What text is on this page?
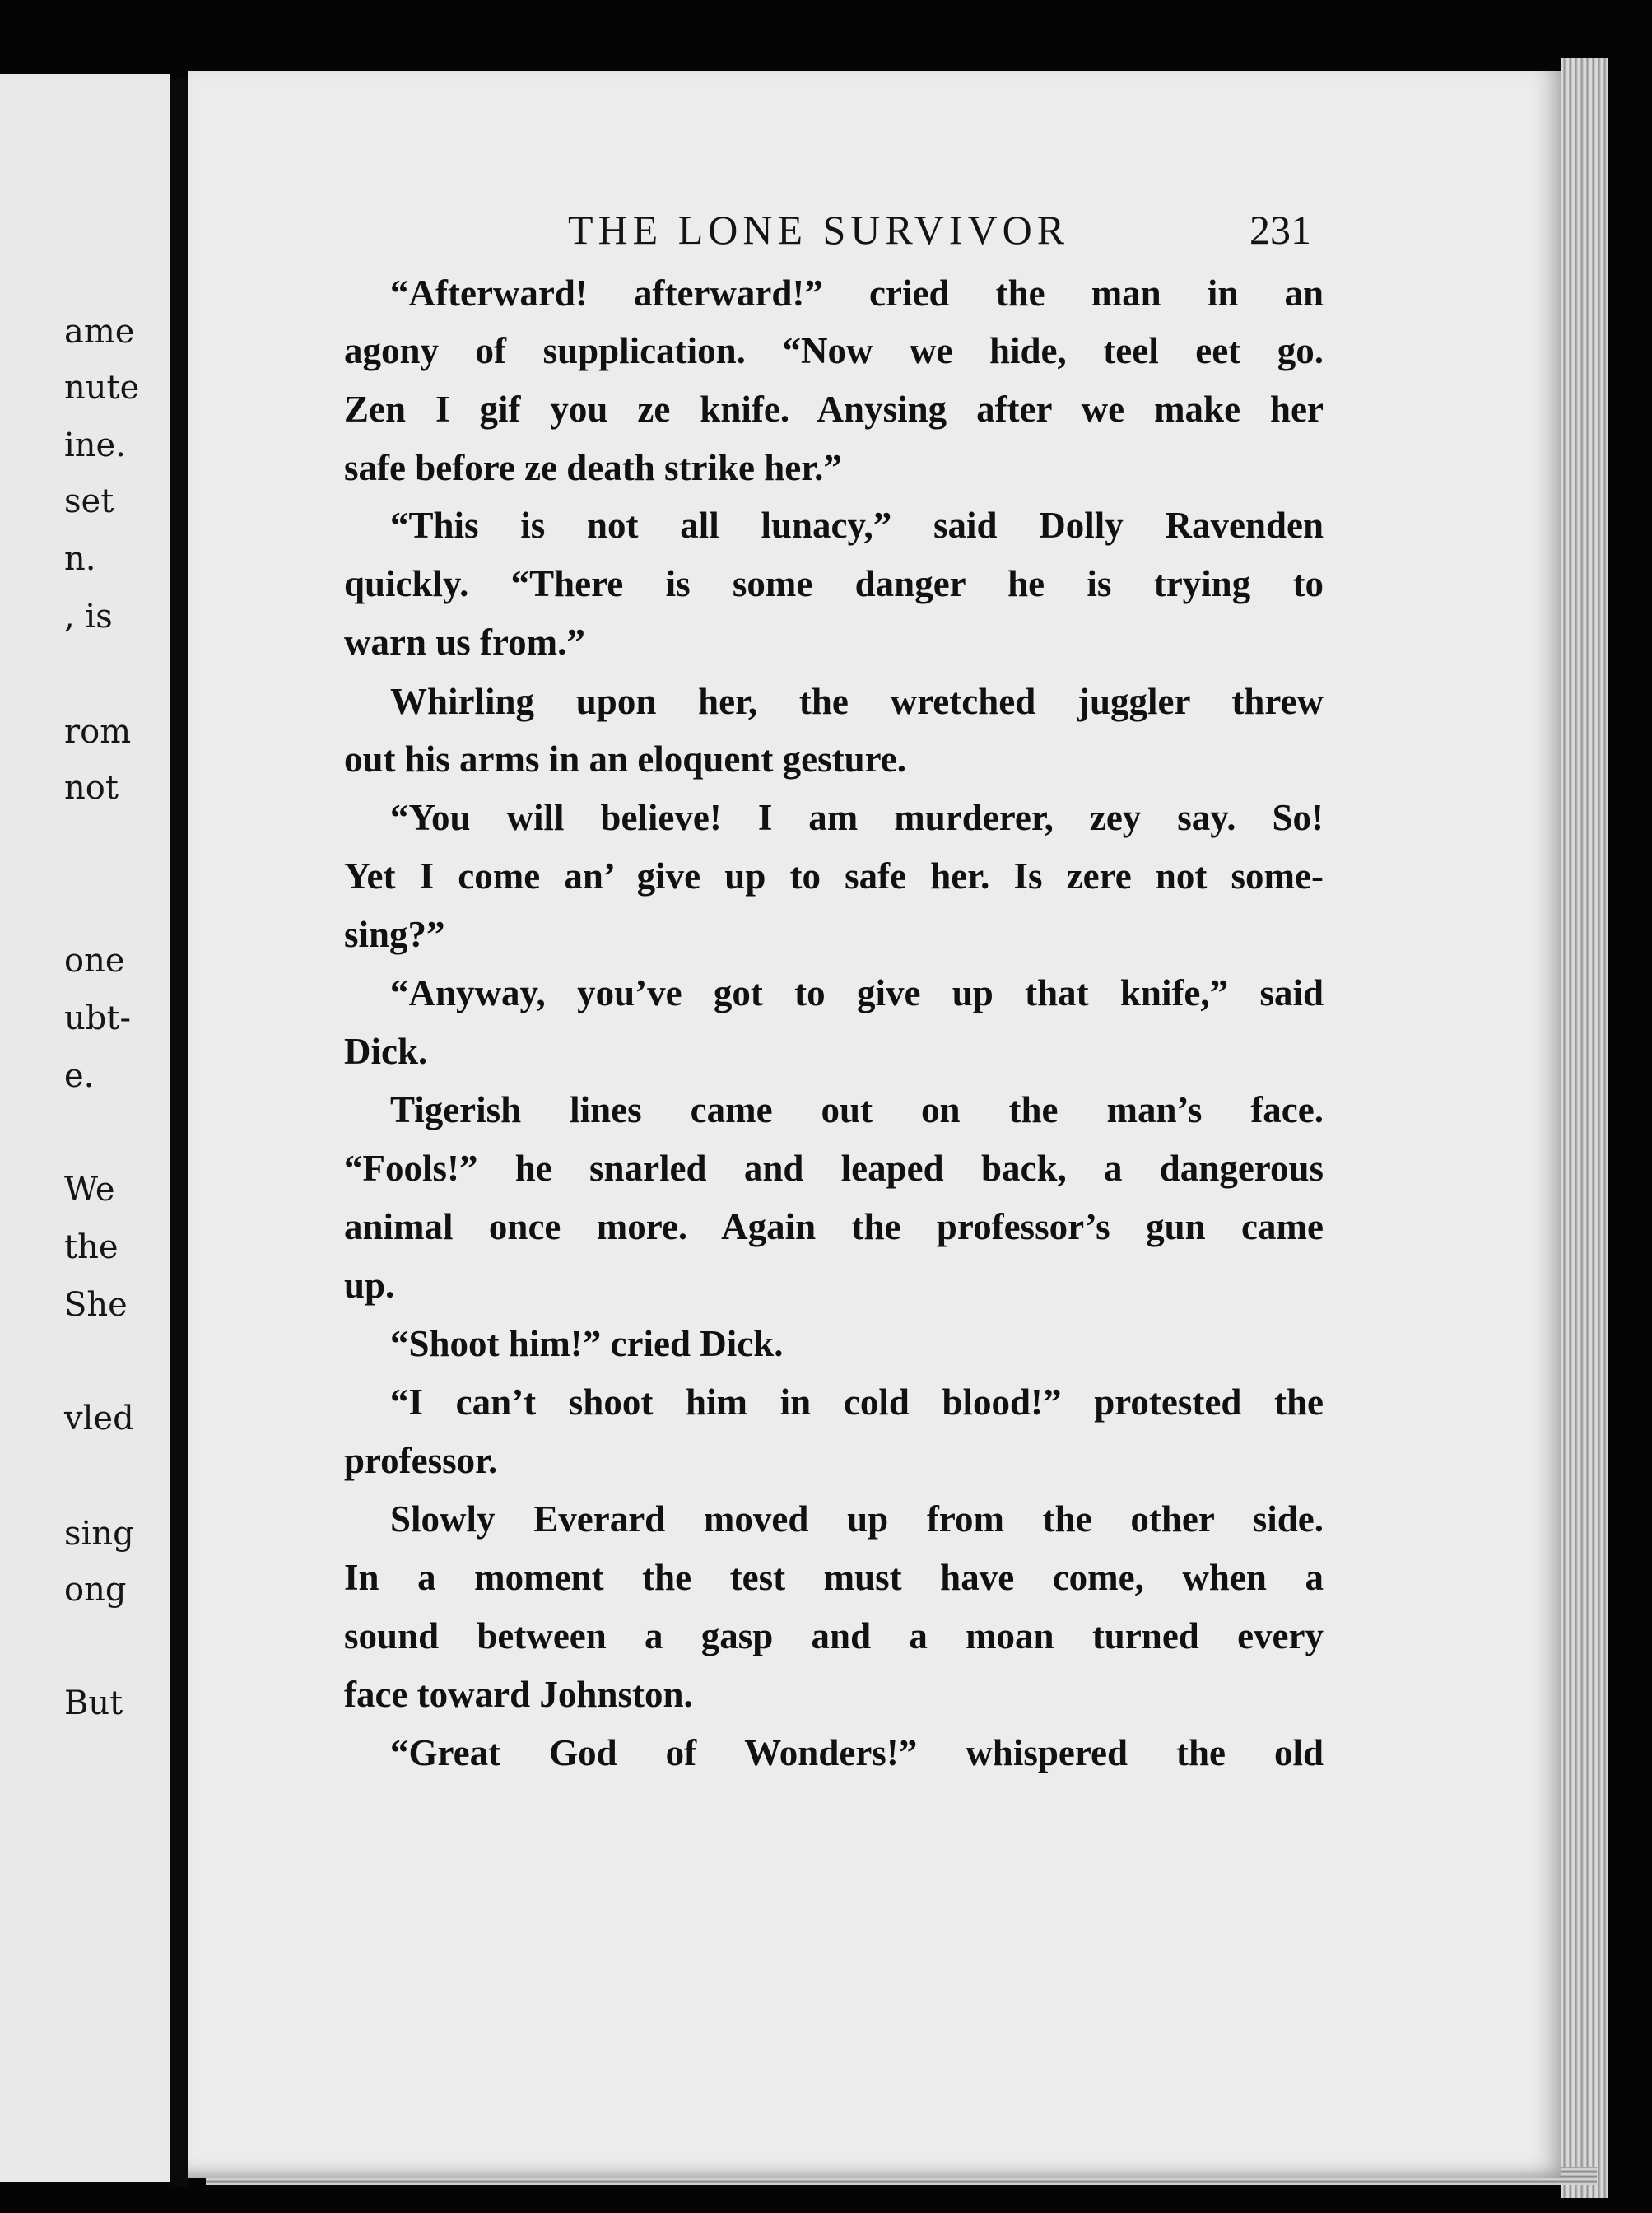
ame
nute
ine.
set
n.
, is
rom
not
one
ubt-
e.
We
the
She
vled
sing
ong
But
THE LONE SURVIVOR	231
“Afterward! afterward!” cried the man in an
agony of supplication. “Now we hide, teel eet go.
Zen I gif you ze knife. Anysing after we make her
safe before ze death strike her.”
“This is not all lunacy,” said Dolly Ravenden
quickly. “There is some danger he is trying to
warn us from.”
Whirling upon her, the wretched juggler threw
out his arms in an eloquent gesture.
“You will believe! I am murderer, zey say. So!
Yet I come an’ give up to safe her. Is zere not some-
sing?”
“Anyway, you’ve got to give up that knife,” said
Dick.
Tigerish lines came out on the man’s face.
“Fools!” he snarled and leaped back, a dangerous
animal once more. Again the professor’s gun came
up.
“Shoot him!” cried Dick.
“I can’t shoot him in cold blood!” protested the
professor.
Slowly Everard moved up from the other side.
In a moment the test must have come, when a
sound between a gasp and a moan turned every
face toward Johnston.
“Great God of Wonders!” whispered the old
